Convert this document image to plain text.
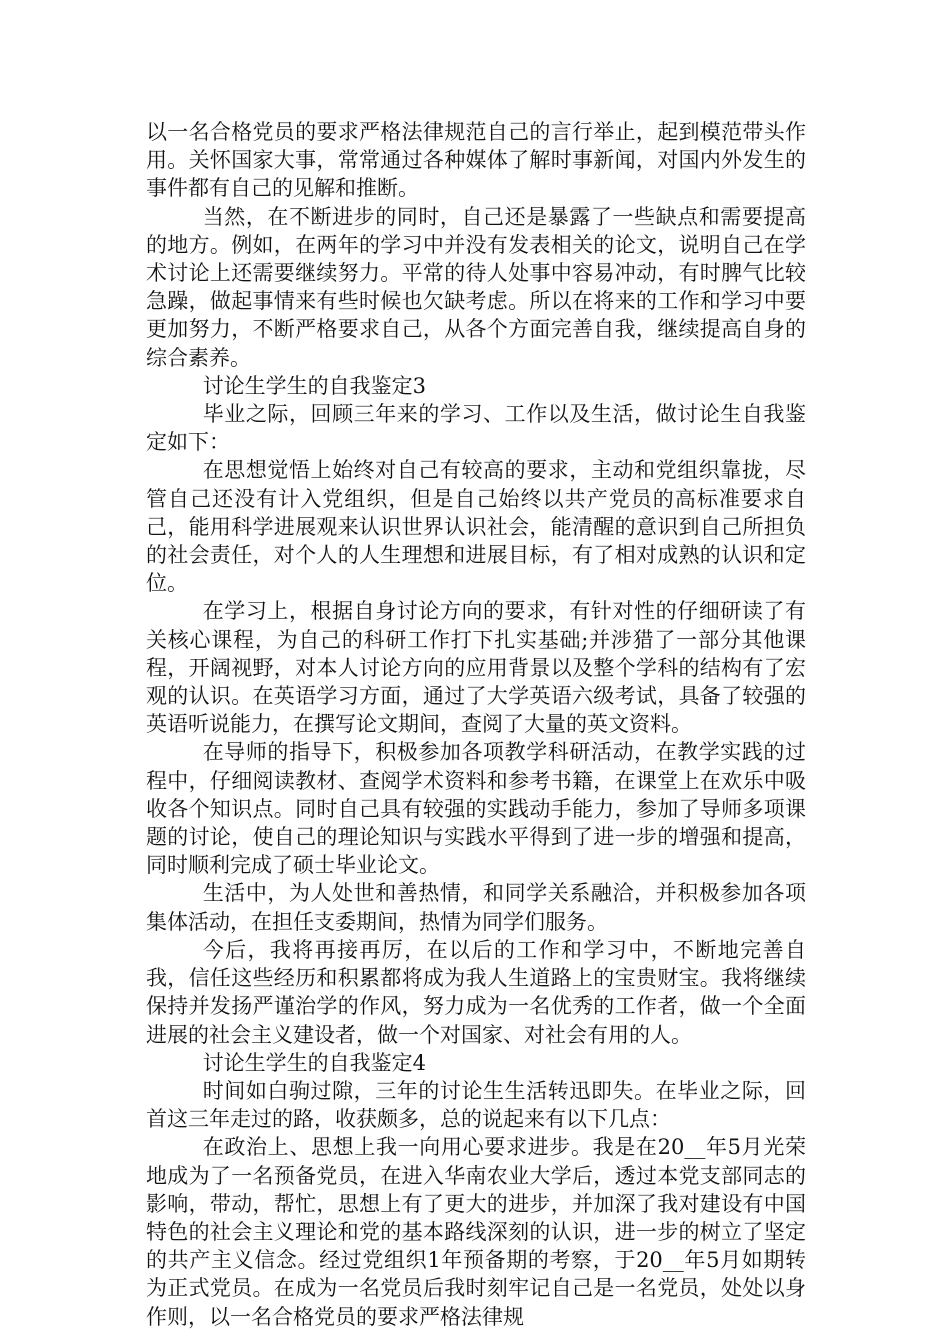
以一名合格党员的要求严格法律规范自己的言行举止，起到模范带头作用。关怀国家大事，常常通过各种媒体了解时事新闻，对国内外发生的事件都有自己的见解和推断。

当然，在不断进步的同时，自己还是暴露了一些缺点和需要提高的地方。例如，在两年的学习中并没有发表相关的论文，说明自己在学术讨论上还需要继续努力。平常的待人处事中容易冲动，有时脾气比较急躁，做起事情来有些时候也欠缺考虑。所以在将来的工作和学习中要更加努力，不断严格要求自己，从各个方面完善自我，继续提高自身的综合素养。

讨论生学生的自我鉴定3

毕业之际，回顾三年来的学习、工作以及生活，做讨论生自我鉴定如下：

在思想觉悟上始终对自己有较高的要求，主动和党组织靠拢，尽管自己还没有计入党组织，但是自己始终以共产党员的高标准要求自己，能用科学进展观来认识世界认识社会，能清醒的意识到自己所担负的社会责任，对个人的人生理想和进展目标，有了相对成熟的认识和定位。

在学习上，根据自身讨论方向的要求，有针对性的仔细研读了有关核心课程，为自己的科研工作打下扎实基础;并涉猎了一部分其他课程，开阔视野，对本人讨论方向的应用背景以及整个学科的结构有了宏观的认识。在英语学习方面，通过了大学英语六级考试，具备了较强的英语听说能力，在撰写论文期间，查阅了大量的英文资料。

在导师的指导下，积极参加各项教学科研活动，在教学实践的过程中，仔细阅读教材、查阅学术资料和参考书籍，在课堂上在欢乐中吸收各个知识点。同时自己具有较强的实践动手能力，参加了导师多项课题的讨论，使自己的理论知识与实践水平得到了进一步的增强和提高，同时顺利完成了硕士毕业论文。

生活中，为人处世和善热情，和同学关系融洽，并积极参加各项集体活动，在担任支委期间，热情为同学们服务。

今后，我将再接再厉，在以后的工作和学习中，不断地完善自我，信任这些经历和积累都将成为我人生道路上的宝贵财宝。我将继续保持并发扬严谨治学的作风，努力成为一名优秀的工作者，做一个全面进展的社会主义建设者，做一个对国家、对社会有用的人。

讨论生学生的自我鉴定4

时间如白驹过隙，三年的讨论生生活转迅即失。在毕业之际，回首这三年走过的路，收获颇多，总的说起来有以下几点：

在政治上、思想上我一向用心要求进步。我是在20__年5月光荣地成为了一名预备党员，在进入华南农业大学后，透过本党支部同志的影响，带动，帮忙，思想上有了更大的进步，并加深了我对建设有中国特色的社会主义理论和党的基本路线深刻的认识，进一步的树立了坚定的共产主义信念。经过党组织1年预备期的考察，于20__年5月如期转为正式党员。在成为一名党员后我时刻牢记自己是一名党员，处处以身作则，以一名合格党员的要求严格法律规
